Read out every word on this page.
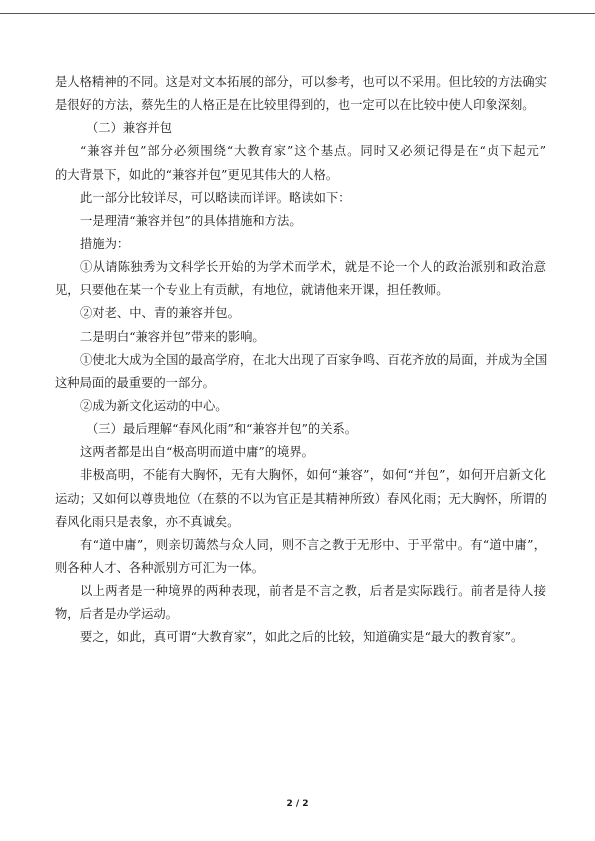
是人格精神的不同。这是对文本拓展的部分，可以参考，也可以不采用。但比较的方法确实
是很好的方法，蔡先生的人格正是在比较里得到的，也一定可以在比较中使人印象深刻。
（二）兼容并包
“兼容并包”部分必须围绕“大教育家”这个基点。同时又必须记得是在“贞下起元”
的大背景下，如此的“兼容并包”更见其伟大的人格。
此一部分比较详尽，可以略读而详评。略读如下：
一是理清“兼容并包”的具体措施和方法。
措施为：
①从请陈独秀为文科学长开始的为学术而学术，就是不论一个人的政治派别和政治意
见，只要他在某一个专业上有贡献，有地位，就请他来开课，担任教师。
②对老、中、青的兼容并包。
二是明白“兼容并包”带来的影响。
①使北大成为全国的最高学府，在北大出现了百家争鸣、百花齐放的局面，并成为全国
这种局面的最重要的一部分。
②成为新文化运动的中心。
（三）最后理解“春风化雨”和“兼容并包”的关系。
这两者都是出自“极高明而道中庸”的境界。
非极高明，不能有大胸怀，无有大胸怀，如何“兼容”，如何“并包”，如何开启新文化
运动；又如何以尊贵地位（在蔡的不以为官正是其精神所致）春风化雨；无大胸怀，所谓的
春风化雨只是表象，亦不真诚矣。
有“道中庸”，则亲切蔼然与众人同，则不言之教于无形中、于平常中。有“道中庸”，
则各种人才、各种派别方可汇为一体。
以上两者是一种境界的两种表现，前者是不言之教，后者是实际践行。前者是待人接
物，后者是办学运动。
要之，如此，真可谓“大教育家”，如此之后的比较，知道确实是“最大的教育家”。
2 / 2
